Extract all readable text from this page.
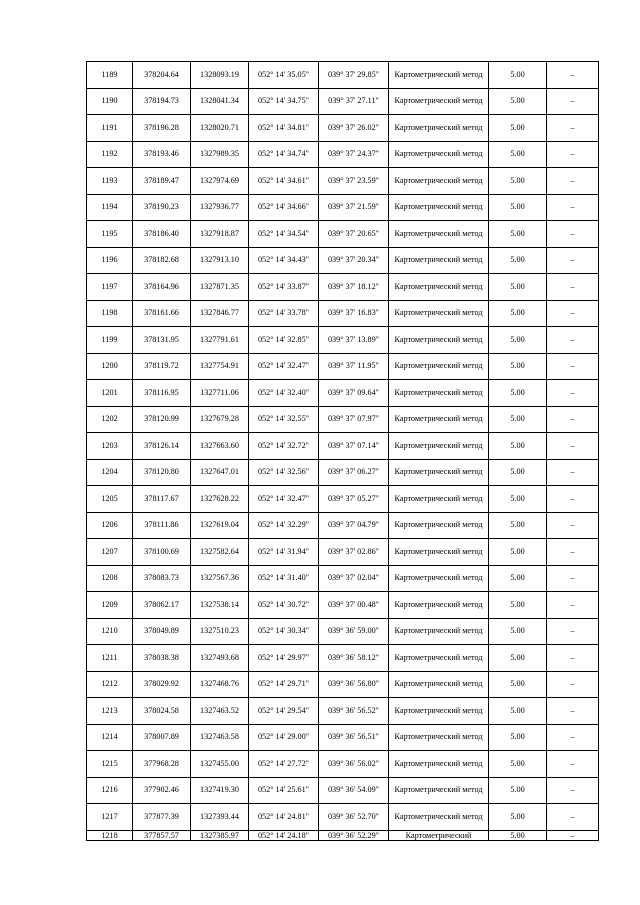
1189	378204.64	1328093.19	052° 14' 35.05"	039° 37' 29.85"	Картометрический метод	5.00	–
1190	378194.73	1328041.34	052° 14' 34.75"	039° 37' 27.11"	Картометрический метод	5.00	–
1191	378196.28	1328020.71	052° 14' 34.81"	039° 37' 26.02"	Картометрический метод	5.00	–
1192	378193.46	1327989.35	052° 14' 34.74"	039° 37' 24.37"	Картометрический метод	5.00	–
1193	378189.47	1327974.69	052° 14' 34.61"	039° 37' 23.59"	Картометрический метод	5.00	–
1194	378190.23	1327936.77	052° 14' 34.66"	039° 37' 21.59"	Картометрический метод	5.00	–
1195	378186.40	1327918.87	052° 14' 34.54"	039° 37' 20.65"	Картометрический метод	5.00	–
1196	378182.68	1327913.10	052° 14' 34.43"	039° 37' 20.34"	Картометрический метод	5.00	–
1197	378164.96	1327871.35	052° 14' 33.87"	039° 37' 18.12"	Картометрический метод	5.00	–
1198	378161.66	1327846.77	052° 14' 33.78"	039° 37' 16.83"	Картометрический метод	5.00	–
1199	378131.95	1327791.61	052° 14' 32.85"	039° 37' 13.89"	Картометрический метод	5.00	–
1200	378119.72	1327754.91	052° 14' 32.47"	039° 37' 11.95"	Картометрический метод	5.00	–
1201	378116.95	1327711.06	052° 14' 32.40"	039° 37' 09.64"	Картометрический метод	5.00	–
1202	378120.99	1327679.28	052° 14' 32.55"	039° 37' 07.97"	Картометрический метод	5.00	–
1203	378126.14	1327663.60	052° 14' 32.72"	039° 37' 07.14"	Картометрический метод	5.00	–
1204	378120.80	1327647.01	052° 14' 32.56"	039° 37' 06.27"	Картометрический метод	5.00	–
1205	378117.67	1327628.22	052° 14' 32.47"	039° 37' 05.27"	Картометрический метод	5.00	–
1206	378111.86	1327619.04	052° 14' 32.29"	039° 37' 04.79"	Картометрический метод	5.00	–
1207	378100.69	1327582.64	052° 14' 31.94"	039° 37' 02.86"	Картометрический метод	5.00	–
1208	378083.73	1327567.36	052° 14' 31.40"	039° 37' 02.04"	Картометрический метод	5.00	–
1209	378062.17	1327538.14	052° 14' 30.72"	039° 37' 00.48"	Картометрический метод	5.00	–
1210	378049.89	1327510.23	052° 14' 30.34"	039° 36' 59.00"	Картометрический метод	5.00	–
1211	378038.38	1327493.68	052° 14' 29.97"	039° 36' 58.12"	Картометрический метод	5.00	–
1212	378029.92	1327468.76	052° 14' 29.71"	039° 36' 56.80"	Картометрический метод	5.00	–
1213	378024.58	1327463.52	052° 14' 29.54"	039° 36' 56.52"	Картометрический метод	5.00	–
1214	378007.89	1327463.58	052° 14' 29.00"	039° 36' 56.51"	Картометрический метод	5.00	–
1215	377968.28	1327455.00	052° 14' 27.72"	039° 36' 56.02"	Картометрический метод	5.00	–
1216	377902.46	1327419.30	052° 14' 25.61"	039° 36' 54.09"	Картометрический метод	5.00	–
1217	377877.39	1327393.44	052° 14' 24.81"	039° 36' 52.70"	Картометрический метод	5.00	–
1218	377857.57	1327385.97	052° 14' 24.18"	039° 36' 52.29"	Картометрический	5.00	–
